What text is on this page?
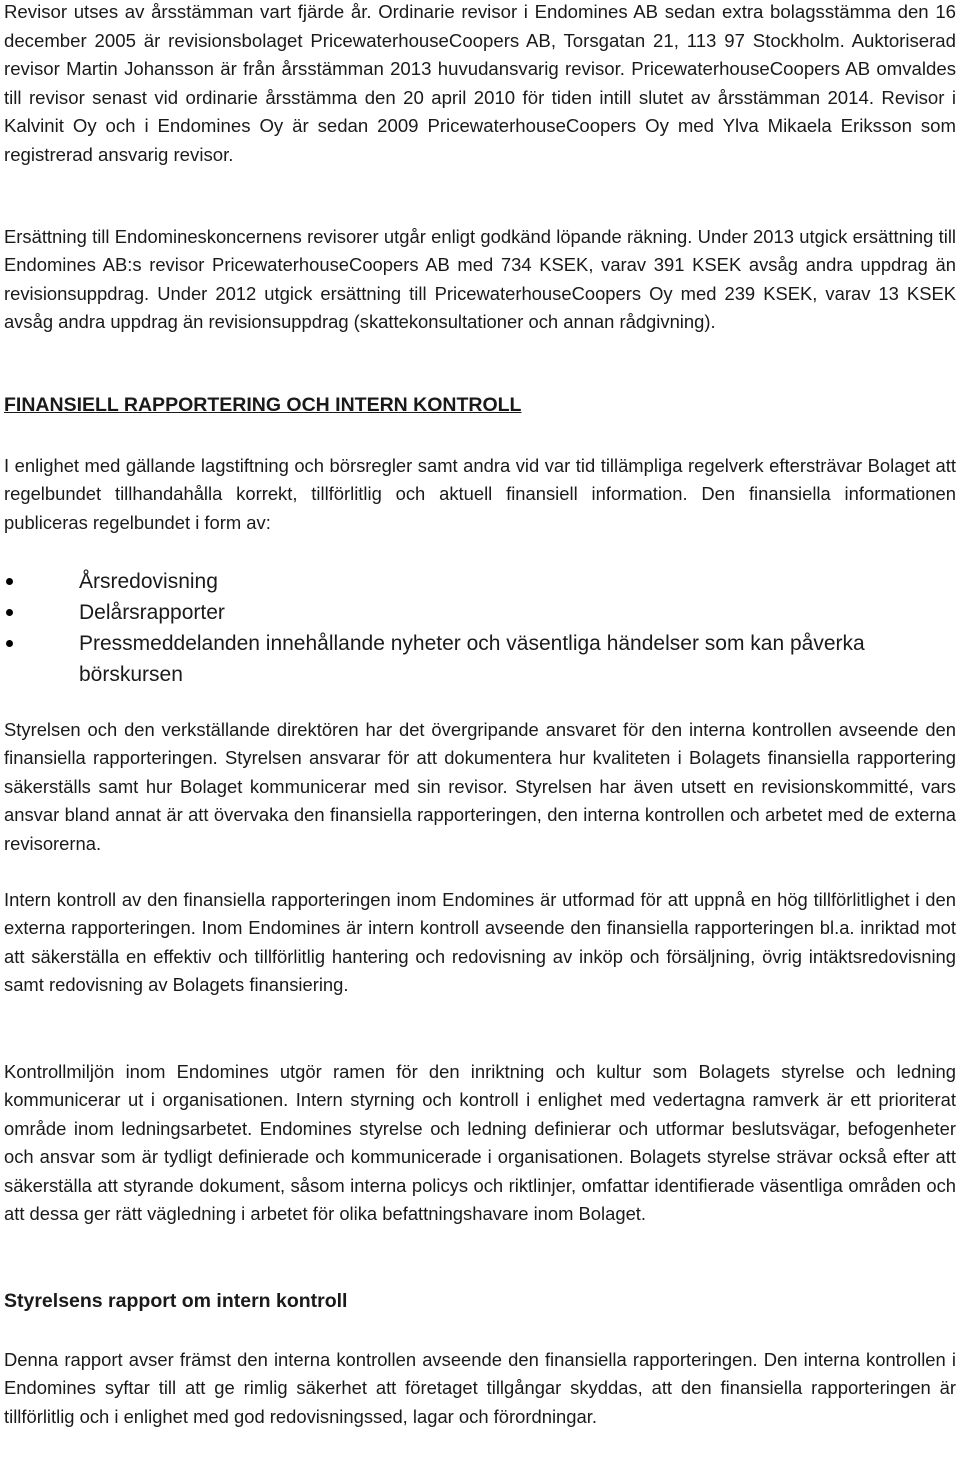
Revisor utses av årsstämman vart fjärde år. Ordinarie revisor i Endomines AB sedan extra bolagsstämma den 16 december 2005 är revisionsbolaget PricewaterhouseCoopers AB, Torsgatan 21, 113 97 Stockholm. Auktoriserad revisor Martin Johansson är från årsstämman 2013 huvudansvarig revisor. PricewaterhouseCoopers AB omvaldes till revisor senast vid ordinarie årsstämma den 20 april 2010 för tiden intill slutet av årsstämman 2014. Revisor i Kalvinit Oy och i Endomines Oy är sedan 2009 PricewaterhouseCoopers Oy med Ylva Mikaela Eriksson som registrerad ansvarig revisor.

Ersättning till Endomineskoncernens revisorer utgår enligt godkänd löpande räkning. Under 2013 utgick ersättning till Endomines AB:s revisor PricewaterhouseCoopers AB med 734 KSEK, varav 391 KSEK avsåg andra uppdrag än revisionsuppdrag. Under 2012 utgick ersättning till PricewaterhouseCoopers Oy med 239 KSEK, varav 13 KSEK avsåg andra uppdrag än revisionsuppdrag (skattekonsultationer och annan rådgivning).

FINANSIELL RAPPORTERING OCH INTERN KONTROLL

I enlighet med gällande lagstiftning och börsregler samt andra vid var tid tillämpliga regelverk eftersträvar Bolaget att regelbundet tillhandahålla korrekt, tillförlitlig och aktuell finansiell information. Den finansiella informationen publiceras regelbundet i form av:

Årsredovisning
Delårsrapporter
Pressmeddelanden innehållande nyheter och väsentliga händelser som kan påverka börskursen

Styrelsen och den verkställande direktören har det övergripande ansvaret för den interna kontrollen avseende den finansiella rapporteringen. Styrelsen ansvarar för att dokumentera hur kvaliteten i Bolagets finansiella rapportering säkerställs samt hur Bolaget kommunicerar med sin revisor. Styrelsen har även utsett en revisionskommitté, vars ansvar bland annat är att övervaka den finansiella rapporteringen, den interna kontrollen och arbetet med de externa revisorerna.

Intern kontroll av den finansiella rapporteringen inom Endomines är utformad för att uppnå en hög tillförlitlighet i den externa rapporteringen. Inom Endomines är intern kontroll avseende den finansiella rapporteringen bl.a. inriktad mot att säkerställa en effektiv och tillförlitlig hantering och redovisning av inköp och försäljning, övrig intäktsredovisning samt redovisning av Bolagets finansiering.

Kontrollmiljön inom Endomines utgör ramen för den inriktning och kultur som Bolagets styrelse och ledning kommunicerar ut i organisationen. Intern styrning och kontroll i enlighet med vedertagna ramverk är ett prioriterat område inom ledningsarbetet. Endomines styrelse och ledning definierar och utformar beslutsvägar, befogenheter och ansvar som är tydligt definierade och kommunicerade i organisationen. Bolagets styrelse strävar också efter att säkerställa att styrande dokument, såsom interna policys och riktlinjer, omfattar identifierade väsentliga områden och att dessa ger rätt vägledning i arbetet för olika befattningshavare inom Bolaget.

Styrelsens rapport om intern kontroll

Denna rapport avser främst den interna kontrollen avseende den finansiella rapporteringen. Den interna kontrollen i Endomines syftar till att ge rimlig säkerhet att företaget tillgångar skyddas, att den finansiella rapporteringen är tillförlitlig och i enlighet med god redovisningssed, lagar och förordningar.
